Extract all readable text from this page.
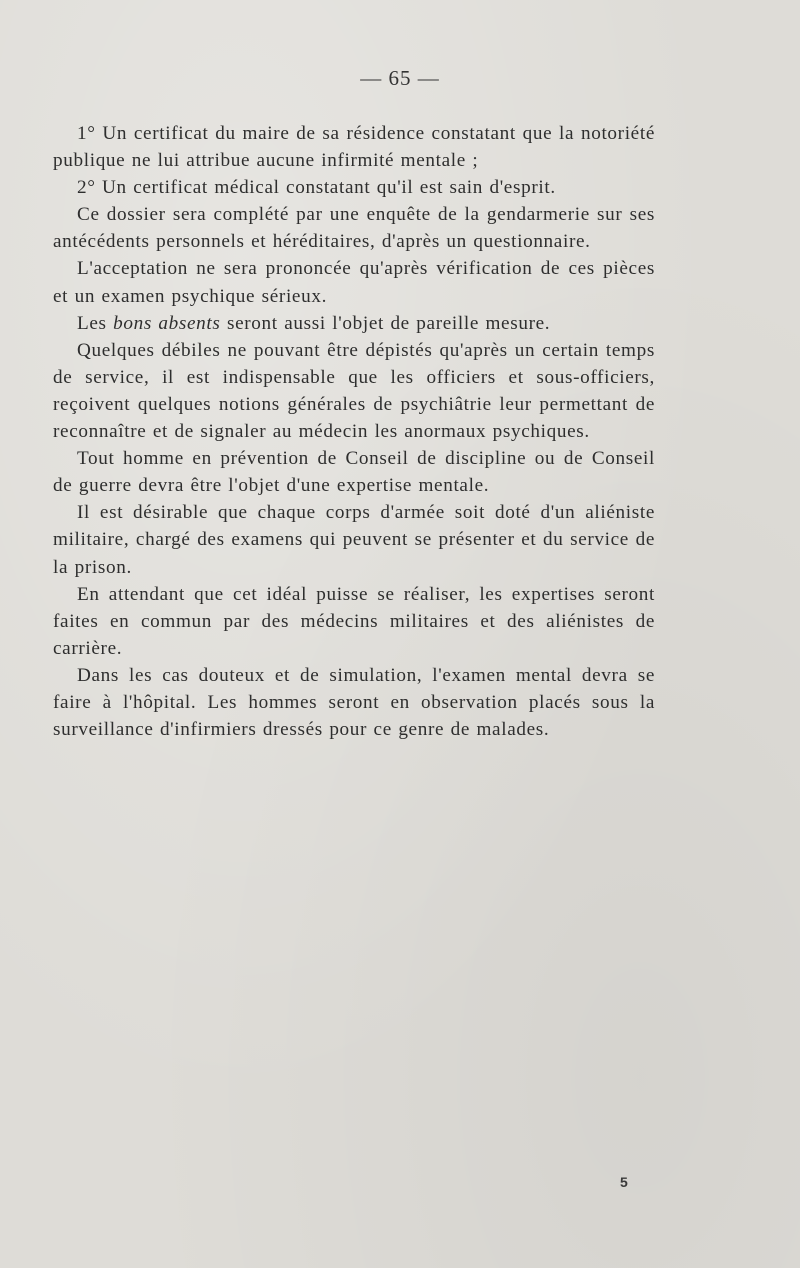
— 65 —

1° Un certificat du maire de sa résidence constatant que la notoriété publique ne lui attribue aucune infirmité mentale ;

2° Un certificat médical constatant qu'il est sain d'esprit.

Ce dossier sera complété par une enquête de la gendarmerie sur ses antécédents personnels et héréditaires, d'après un questionnaire.

L'acceptation ne sera prononcée qu'après vérification de ces pièces et un examen psychique sérieux.

Les bons absents seront aussi l'objet de pareille mesure.

Quelques débiles ne pouvant être dépistés qu'après un certain temps de service, il est indispensable que les officiers et sous-officiers, reçoivent quelques notions générales de psychiâtrie leur permettant de reconnaître et de signaler au médecin les anormaux psychiques.

Tout homme en prévention de Conseil de discipline ou de Conseil de guerre devra être l'objet d'une expertise mentale.

Il est désirable que chaque corps d'armée soit doté d'un aliéniste militaire, chargé des examens qui peuvent se présenter et du service de la prison.

En attendant que cet idéal puisse se réaliser, les expertises seront faites en commun par des médecins militaires et des aliénistes de carrière.

Dans les cas douteux et de simulation, l'examen mental devra se faire à l'hôpital. Les hommes seront en observation placés sous la surveillance d'infirmiers dressés pour ce genre de malades.

5
